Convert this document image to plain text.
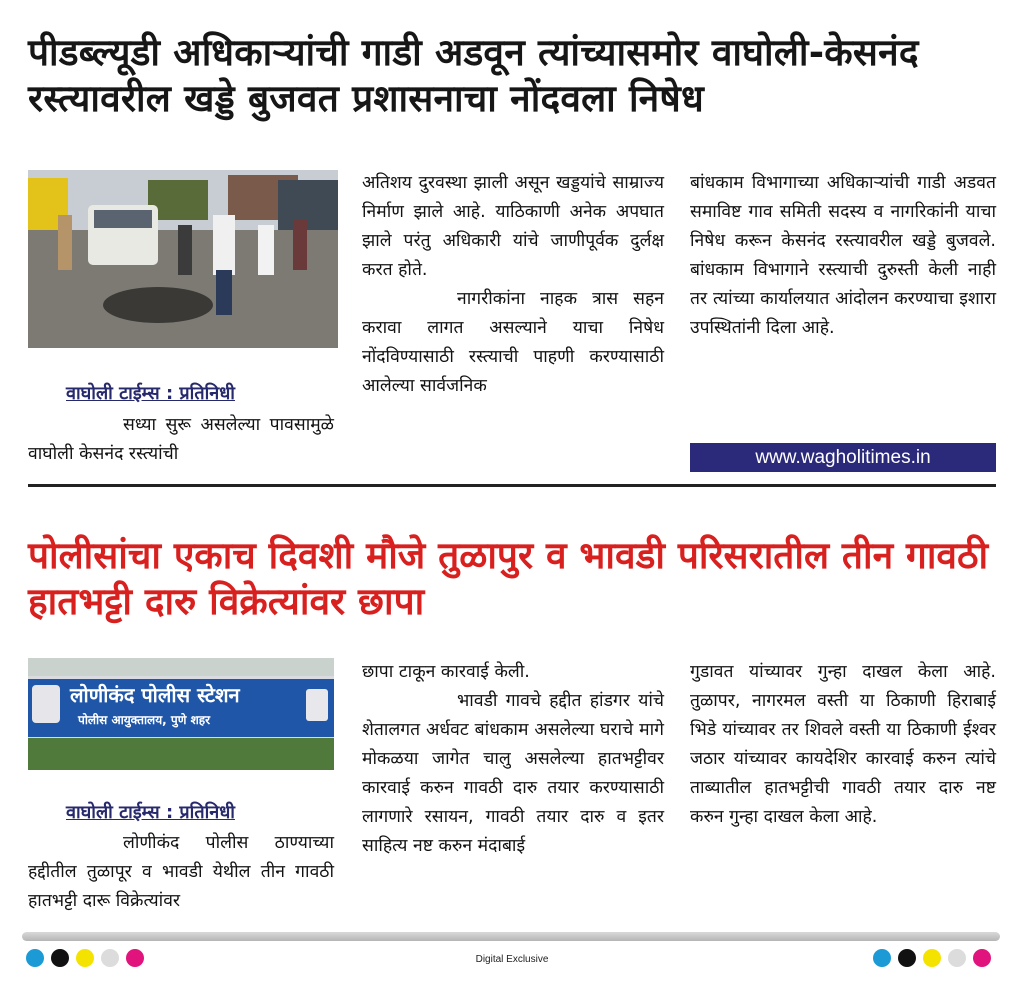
पीडब्ल्यूडी अधिकाऱ्यांची गाडी अडवून त्यांच्यासमोर वाघोली-केसनंद रस्त्यावरील खड्डे बुजवत प्रशासनाचा नोंदवला निषेध
वाघोली टाईम्स : प्रतिनिधी

सध्या सुरू असलेल्या पावसामुळे वाघोली केसनंद रस्त्यांची

अतिशय दुरवस्था झाली असून खड्डयांचे साम्राज्य निर्माण झाले आहे. याठिकाणी अनेक अपघात झाले परंतु अधिकारी यांचे जाणीपूर्वक दुर्लक्ष करत होते.

नागरीकांना नाहक त्रास सहन करावा लागत असल्याने याचा निषेध नोंदविण्यासाठी रस्त्याची पाहणी करण्यासाठी आलेल्या सार्वजनिक

बांधकाम विभागाच्या अधिकाऱ्यांची गाडी अडवत समाविष्ट गाव समिती सदस्य व नागरिकांनी याचा निषेध करून केसनंद रस्त्यावरील खड्डे बुजवले. बांधकाम विभागाने रस्त्याची दुरुस्ती केली नाही तर त्यांच्या कार्यालयात आंदोलन करण्याचा इशारा उपस्थितांनी दिला आहे.

www.wagholitimes.in
पोलीसांचा एकाच दिवशी मौजे तुळापुर व भावडी परिसरातील तीन गावठी हातभट्टी दारु विक्रेत्यांवर छापा
लोणीकंद पोलीस स्टेशन
पोलीस आयुक्तालय, पुणे शहर
वाघोली टाईम्स : प्रतिनिधी

लोणीकंद पोलीस ठाण्याच्या हद्दीतील तुळापूर व भावडी येथील तीन गावठी हातभट्टी दारू विक्रेत्यांवर

छापा टाकून कारवाई केली.

भावडी गावचे हद्दीत हांडगर यांचे शेतालगत अर्धवट बांधकाम असलेल्या घराचे मागे मोकळया जागेत चालु असलेल्या हातभट्टीवर कारवाई करुन गावठी दारु तयार करण्यासाठी लागणारे रसायन, गावठी तयार दारु व इतर साहित्य नष्ट करुन मंदाबाई

गुडावत यांच्यावर गुन्हा दाखल केला आहे. तुळापर, नागरमल वस्ती या ठिकाणी हिराबाई भिडे यांच्यावर तर शिवले वस्ती या ठिकाणी ईश्वर जठार यांच्यावर कायदेशिर कारवाई करुन त्यांचे ताब्यातील हातभट्टीची गावठी तयार दारु नष्ट करुन गुन्हा दाखल केला आहे.

Digital Exclusive
